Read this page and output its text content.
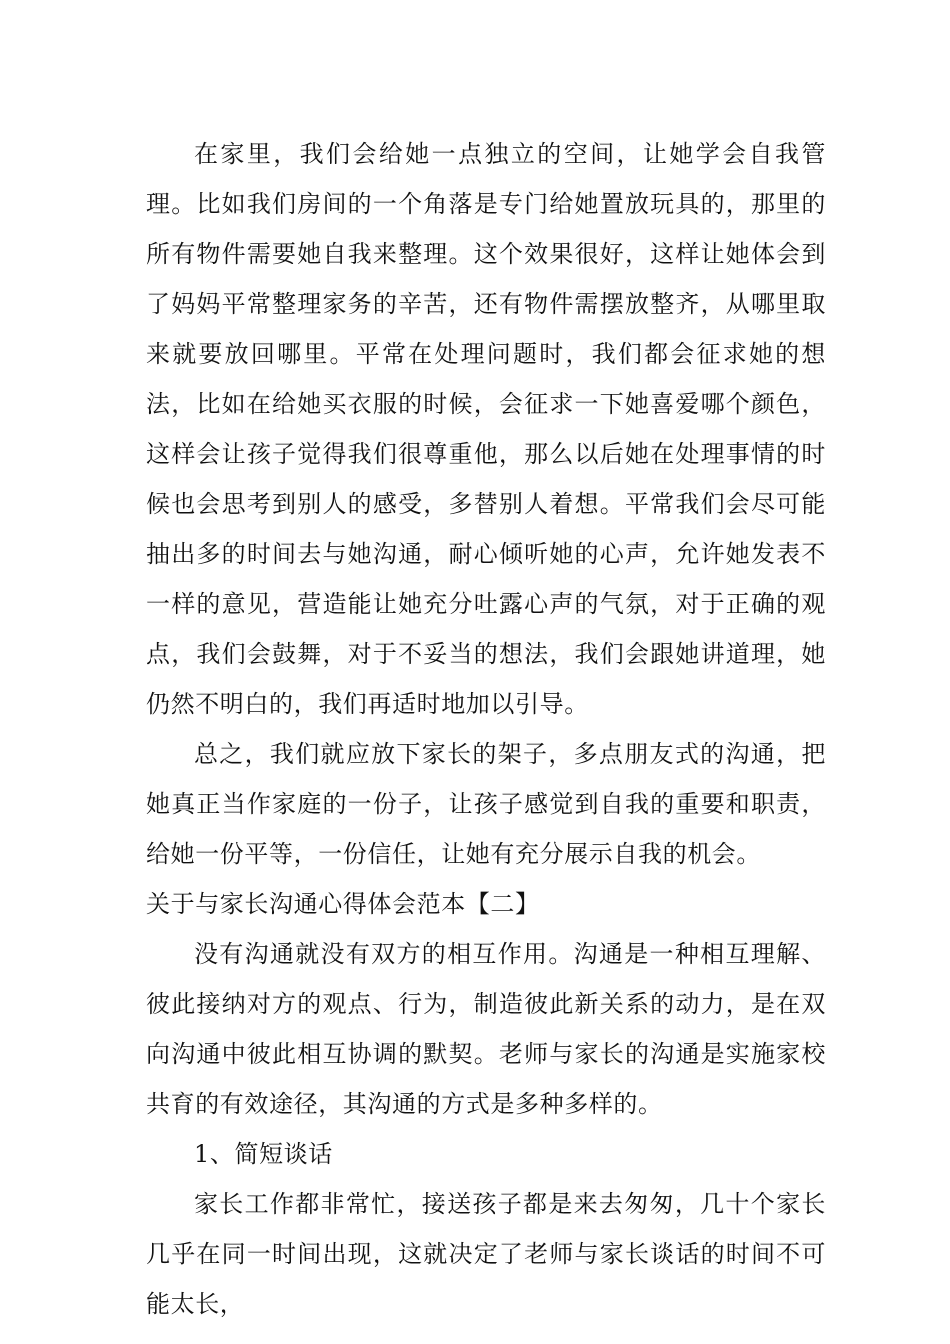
在家里，我们会给她一点独立的空间，让她学会自我管理。比如我们房间的一个角落是专门给她置放玩具的，那里的所有物件需要她自我来整理。这个效果很好，这样让她体会到了妈妈平常整理家务的辛苦，还有物件需摆放整齐，从哪里取来就要放回哪里。平常在处理问题时，我们都会征求她的想法，比如在给她买衣服的时候，会征求一下她喜爱哪个颜色，这样会让孩子觉得我们很尊重他，那么以后她在处理事情的时候也会思考到别人的感受，多替别人着想。平常我们会尽可能抽出多的时间去与她沟通，耐心倾听她的心声，允许她发表不一样的意见，营造能让她充分吐露心声的气氛，对于正确的观点，我们会鼓舞，对于不妥当的想法，我们会跟她讲道理，她仍然不明白的，我们再适时地加以引导。

总之，我们就应放下家长的架子，多点朋友式的沟通，把她真正当作家庭的一份子，让孩子感觉到自我的重要和职责，给她一份平等，一份信任，让她有充分展示自我的机会。

关于与家长沟通心得体会范本【二】

没有沟通就没有双方的相互作用。沟通是一种相互理解、彼此接纳对方的观点、行为，制造彼此新关系的动力，是在双向沟通中彼此相互协调的默契。老师与家长的沟通是实施家校共育的有效途径，其沟通的方式是多种多样的。

1、简短谈话

家长工作都非常忙，接送孩子都是来去匆匆，几十个家长几乎在同一时间出现，这就决定了老师与家长谈话的时间不可能太长，
